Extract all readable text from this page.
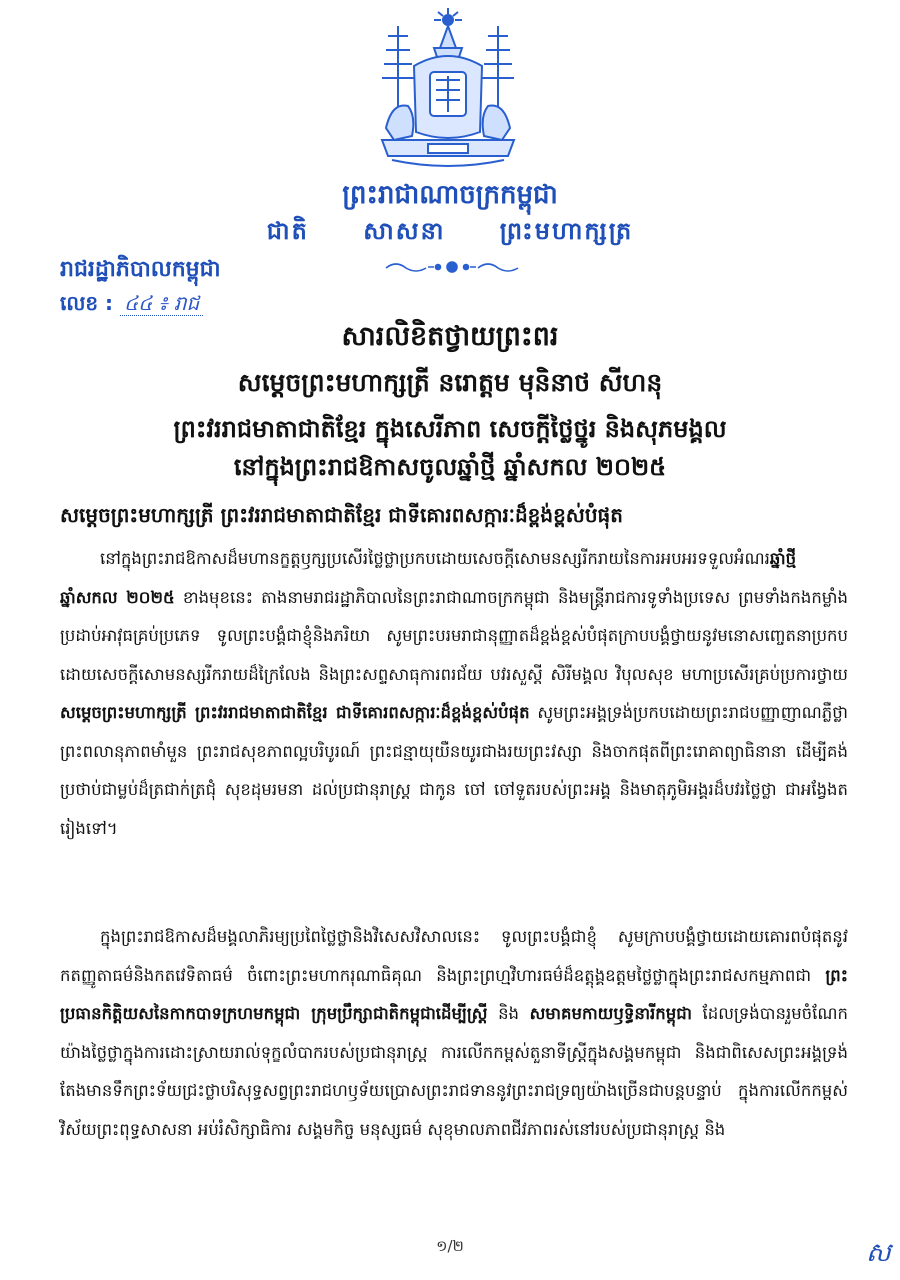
ព្រះរាជាណាចក្រកម្ពុជា
ជាតិ សាសនា ព្រះមហាក្សត្រ
រាជរដ្ឋាភិបាលកម្ពុជា
លេខ : ៤៤ ៖ រាជ
សារលិខិតថ្វាយព្រះពរ
សម្តេចព្រះមហាក្សត្រី នរោត្តម មុនិនាថ សីហនុ
ព្រះវររាជមាតាជាតិខ្មែរ ក្នុងសេរីភាព សេចក្តីថ្លៃថ្នូរ និងសុភមង្គល
នៅក្នុងព្រះរាជឱកាសចូលឆ្នាំថ្មី ឆ្នាំសកល ២០២៥
សម្តេចព្រះមហាក្សត្រី ព្រះវររាជមាតាជាតិខ្មែរ ជាទីគោរពសក្ការៈដ៏ខ្ពង់ខ្ពស់បំផុត
នៅក្នុងព្រះរាជឱកាសដ៏មហានក្ខត្តឫក្សប្រសើរថ្លៃថ្លាប្រកបដោយសេចក្តីសោមនស្សរីករាយនៃការអបអរទទួលអំណរឆ្នាំថ្មី ឆ្នាំសកល ២០២៥ ខាងមុខនេះ តាងនាមរាជរដ្ឋាភិបាលនៃព្រះរាជាណាចក្រកម្ពុជា និងមន្ត្រីរាជការទូទាំងប្រទេស ព្រមទាំងកងកម្លាំងប្រដាប់អាវុធគ្រប់ប្រភេទ ទូលព្រះបង្គំជាខ្ញុំនិងភរិយា សូមព្រះបរមរាជានុញ្ញាតដ៏ខ្ពង់ខ្ពស់បំផុតក្រាបបង្គំថ្វាយនូវមនោសញ្ចេតនាប្រកបដោយសេចក្តីសោមនស្សរីករាយដ៏ក្រៃលែង និងព្រះសព្ទសាធុការពរជ័យ បវរសួស្តី សិរីមង្គល វិបុលសុខ មហាប្រសើរគ្រប់ប្រការថ្វាយ សម្តេចព្រះមហាក្សត្រី ព្រះវររាជមាតាជាតិខ្មែរ ជាទីគោរពសក្ការៈដ៏ខ្ពង់ខ្ពស់បំផុត សូមព្រះអង្គទ្រង់ប្រកបដោយព្រះរាជបញ្ញាញាណភ្លឺថ្លា ព្រះពលានុភាពមាំមួន ព្រះរាជសុខភាពល្អបរិបូរណ៍ ព្រះជន្មាយុយឺនយូរជាងរយព្រះវស្សា និងចាកផុតពីព្រះរោគាព្យាធិនានា ដើម្បីគង់ប្រថាប់ជាម្លប់ដ៏ត្រជាក់ត្រជុំ សុខដុមរមនា ដល់ប្រជានុរាស្ត្រ ជាកូន ចៅ ចៅទួតរបស់ព្រះអង្គ និងមាតុភូមិអង្គរដ៏បវរថ្លៃថ្លា ជាអង្វែងតរៀងទៅ។
ក្នុងព្រះរាជឱកាសដ៏មង្គលាភិរម្យប្រពៃថ្លៃថ្លានិងវិសេសវិសាលនេះ ទូលព្រះបង្គំជាខ្ញុំ សូមក្រាបបង្គំថ្វាយដោយគោរពបំផុតនូវកតញ្ញូតាធម៌និងកតវេទិតាធម៌ ចំពោះព្រះមហាករុណាធិគុណ និងព្រះព្រហ្មវិហារធម៌ដ៏ឧត្តុង្គឧត្តមថ្លៃថ្លាក្នុងព្រះរាជសកម្មភាពជា ព្រះប្រធានកិត្តិយសនៃកាកបាទក្រហមកម្ពុជា ក្រុមប្រឹក្សាជាតិកម្ពុជាដើម្បីស្ត្រី និង សមាគមកាយឫទ្ធិនារីកម្ពុជា ដែលទ្រង់បានរួមចំណែកយ៉ាងថ្លៃថ្លាក្នុងការដោះស្រាយរាល់ទុក្ខលំបាករបស់ប្រជានុរាស្ត្រ ការលើកកម្ពស់តួនាទីស្ត្រីក្នុងសង្គមកម្ពុជា និងជាពិសេសព្រះអង្គទ្រង់តែងមានទឹកព្រះទ័យជ្រះថ្លាបរិសុទ្ធសព្វព្រះរាជហឫទ័យប្រោសព្រះរាជទាននូវព្រះរាជទ្រព្យយ៉ាងច្រើនជាបន្តបន្ទាប់ ក្នុងការលើកកម្ពស់វិស័យព្រះពុទ្ធសាសនា អប់រំសិក្សាធិការ សង្គមកិច្ច មនុស្សធម៌ សុខុមាលភាពជីវភាពរស់នៅរបស់ប្រជានុរាស្ត្រ និង
១/២	ស
